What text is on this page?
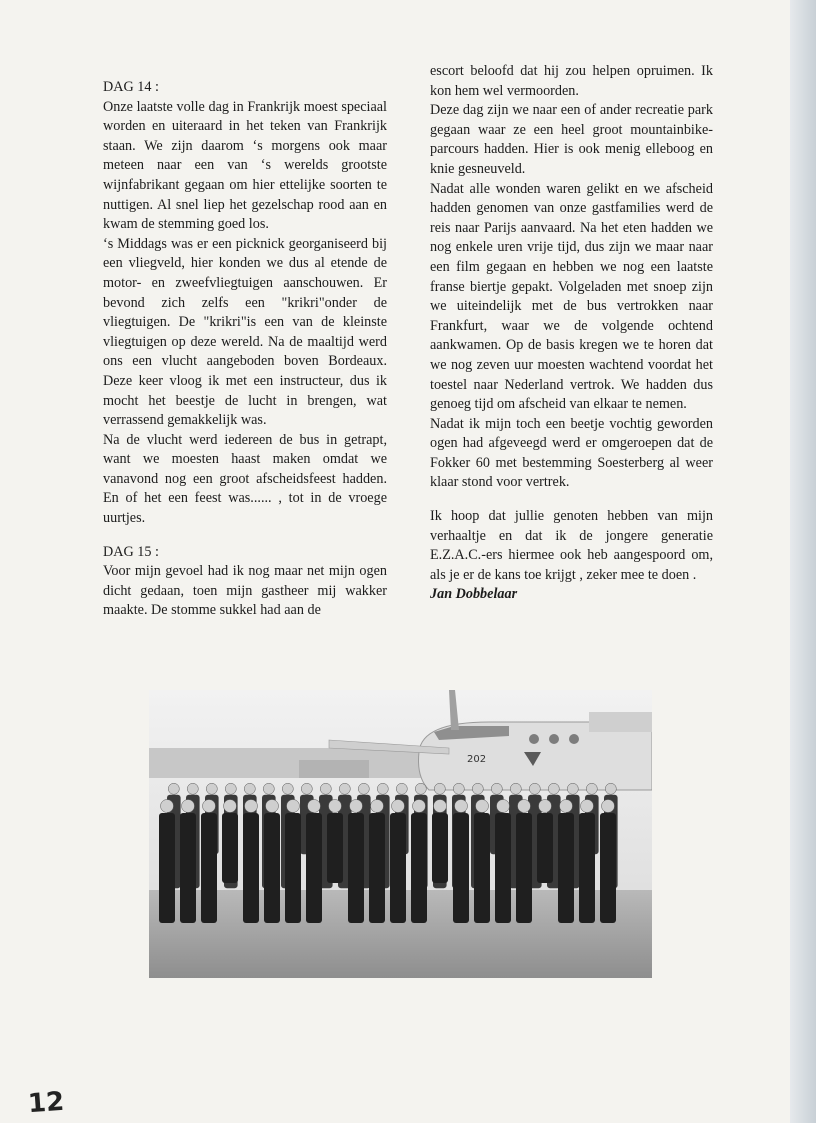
DAG 14 :

Onze laatste volle dag in Frankrijk moest speciaal worden en uiteraard in het teken van Frankrijk staan. We zijn daarom ‘s morgens ook maar meteen naar een van ‘s werelds grootste wijnfabrikant gegaan om hier ettelijke soorten te nuttigen. Al snel liep het gezelschap rood aan en kwam de stemming goed los.

‘s Middags was er een picknick georganiseerd bij een vliegveld, hier konden we dus al etende de motor- en zweefvliegtuigen aanschouwen. Er bevond zich zelfs een "krikri"onder de vliegtuigen. De "krikri"is een van de kleinste vliegtuigen op deze wereld. Na de maaltijd werd ons een vlucht aangeboden boven Bordeaux. Deze keer vloog ik met een instructeur, dus ik mocht het beestje de lucht in brengen, wat verrassend gemakkelijk was.

Na de vlucht werd iedereen de bus in getrapt, want we moesten haast maken omdat we vanavond nog een groot afscheidsfeest hadden. En of het een feest was...... , tot in de vroege uurtjes.

DAG 15 :

Voor mijn gevoel had ik nog maar net mijn ogen dicht gedaan, toen mijn gastheer mij wakker maakte. De stomme sukkel had aan de

escort beloofd dat hij zou helpen opruimen. Ik kon hem wel vermoorden.

Deze dag zijn we naar een of ander recreatie park gegaan waar ze een heel groot mountainbike-parcours hadden. Hier is ook menig elleboog en knie gesneuveld.

Nadat alle wonden waren gelikt en we afscheid hadden genomen van onze gastfamilies werd de reis naar Parijs aanvaard. Na het eten hadden we nog enkele uren vrije tijd, dus zijn we maar naar een film gegaan en hebben we nog een laatste franse biertje gepakt. Volgeladen met snoep zijn we uiteindelijk met de bus vertrokken naar Frankfurt, waar we de volgende ochtend aankwamen. Op de basis kregen we te horen dat we nog zeven uur moesten wachtend voordat het toestel naar Nederland vertrok. We hadden dus genoeg tijd om afscheid van elkaar te nemen.

Nadat ik mijn toch een beetje vochtig geworden ogen had afgeveegd werd er omgeroepen dat de Fokker 60 met bestemming Soesterberg al weer klaar stond voor vertrek.

Ik hoop dat jullie genoten hebben van mijn verhaaltje en dat ik de jongere generatie E.Z.A.C.-ers hiermee ook heb aangespoord om, als je er de kans toe krijgt , zeker mee te doen .

Jan Dobbelaar

202
12
